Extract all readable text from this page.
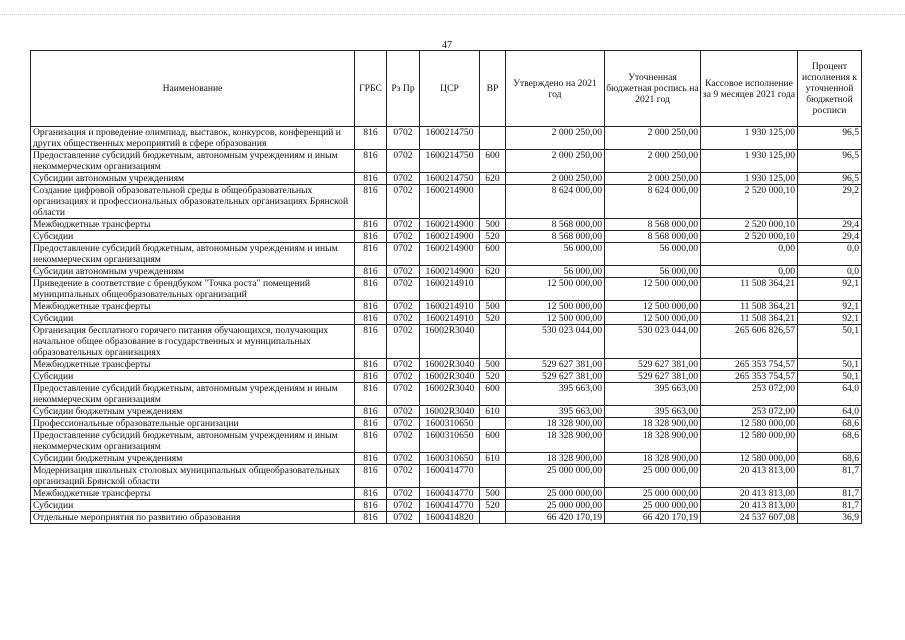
47
Наименование	ГРБС	Рз Пр	ЦСР	ВР	Утверждено на 2021 год	Уточненная бюджетная роспись на 2021 год	Кассовое исполнение за 9 месяцев 2021 года	Процент исполнения к уточненной бюджетной росписи
Организация и проведение олимпиад, выставок, конкурсов, конференций и других общественных мероприятий в сфере образования	816	0702	1600214750		2 000 250,00	2 000 250,00	1 930 125,00	96,5
Предоставление субсидий бюджетным, автономным учреждениям и иным некоммерческим организациям	816	0702	1600214750	600	2 000 250,00	2 000 250,00	1 930 125,00	96,5
Субсидии автономным учреждениям	816	0702	1600214750	620	2 000 250,00	2 000 250,00	1 930 125,00	96,5
Создание цифровой образовательной среды в общеобразовательных организациях и профессиональных образовательных организациях Брянской области	816	0702	1600214900		8 624 000,00	8 624 000,00	2 520 000,10	29,2
Межбюджетные трансферты	816	0702	1600214900	500	8 568 000,00	8 568 000,00	2 520 000,10	29,4
Субсидии	816	0702	1600214900	520	8 568 000,00	8 568 000,00	2 520 000,10	29,4
Предоставление субсидий бюджетным, автономным учреждениям и иным некоммерческим организациям	816	0702	1600214900	600	56 000,00	56 000,00	0,00	0,0
Субсидии автономным учреждениям	816	0702	1600214900	620	56 000,00	56 000,00	0,00	0,0
Приведение в соответствие с брендбуком "Точка роста" помещений муниципальных общеобразовательных организаций	816	0702	1600214910		12 500 000,00	12 500 000,00	11 508 364,21	92,1
Межбюджетные трансферты	816	0702	1600214910	500	12 500 000,00	12 500 000,00	11 508 364,21	92,1
Субсидии	816	0702	1600214910	520	12 500 000,00	12 500 000,00	11 508 364,21	92,1
Организация бесплатного горячего питания обучающихся, получающих начальное общее образование в государственных и муниципальных образовательных организациях	816	0702	16002R3040		530 023 044,00	530 023 044,00	265 606 826,57	50,1
Межбюджетные трансферты	816	0702	16002R3040	500	529 627 381,00	529 627 381,00	265 353 754,57	50,1
Субсидии	816	0702	16002R3040	520	529 627 381,00	529 627 381,00	265 353 754,57	50,1
Предоставление субсидий бюджетным, автономным учреждениям и иным некоммерческим организациям	816	0702	16002R3040	600	395 663,00	395 663,00	253 072,00	64,0
Субсидии бюджетным учреждениям	816	0702	16002R3040	610	395 663,00	395 663,00	253 072,00	64,0
Профессиональные образовательные организации	816	0702	1600310650		18 328 900,00	18 328 900,00	12 580 000,00	68,6
Предоставление субсидий бюджетным, автономным учреждениям и иным некоммерческим организациям	816	0702	1600310650	600	18 328 900,00	18 328 900,00	12 580 000,00	68,6
Субсидии бюджетным учреждениям	816	0702	1600310650	610	18 328 900,00	18 328 900,00	12 580 000,00	68,6
Модернизация школьных столовых муниципальных общеобразовательных организаций Брянской области	816	0702	1600414770		25 000 000,00	25 000 000,00	20 413 813,00	81,7
Межбюджетные трансферты	816	0702	1600414770	500	25 000 000,00	25 000 000,00	20 413 813,00	81,7
Субсидии	816	0702	1600414770	520	25 000 000,00	25 000 000,00	20 413 813,00	81,7
Отдельные мероприятия по развитию образования	816	0702	1600414820		66 420 170,19	66 420 170,19	24 537 607,08	36,9
